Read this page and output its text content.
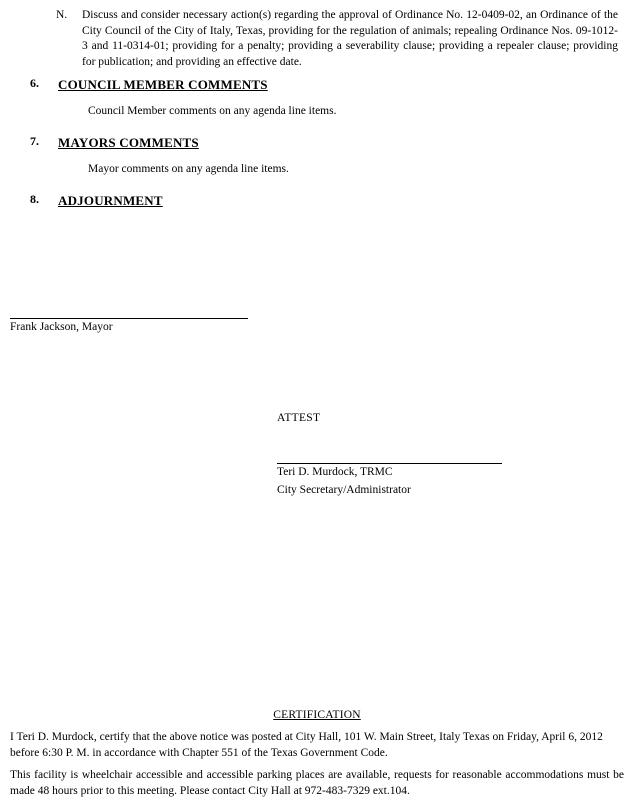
N.	Discuss and consider necessary action(s) regarding the approval of Ordinance No. 12-0409-02, an Ordinance of the City Council of the City of Italy, Texas, providing for the regulation of animals; repealing Ordinance Nos. 09-1012-3 and 11-0314-01; providing for a penalty; providing a severability clause; providing a repealer clause; providing for publication; and providing an effective date.
6.	COUNCIL MEMBER COMMENTS
Council Member comments on any agenda line items.
7.	MAYORS COMMENTS
Mayor comments on any agenda line items.
8.	ADJOURNMENT
Frank Jackson, Mayor
ATTEST
Teri D. Murdock, TRMC
City Secretary/Administrator
CERTIFICATION
I Teri D. Murdock, certify that the above notice was posted at City Hall, 101 W. Main Street, Italy Texas on Friday, April 6, 2012 before 6:30 P. M. in accordance with Chapter 551 of the Texas Government Code.
This facility is wheelchair accessible and accessible parking places are available, requests for reasonable accommodations must be made 48 hours prior to this meeting. Please contact City Hall at 972-483-7329 ext.104.
